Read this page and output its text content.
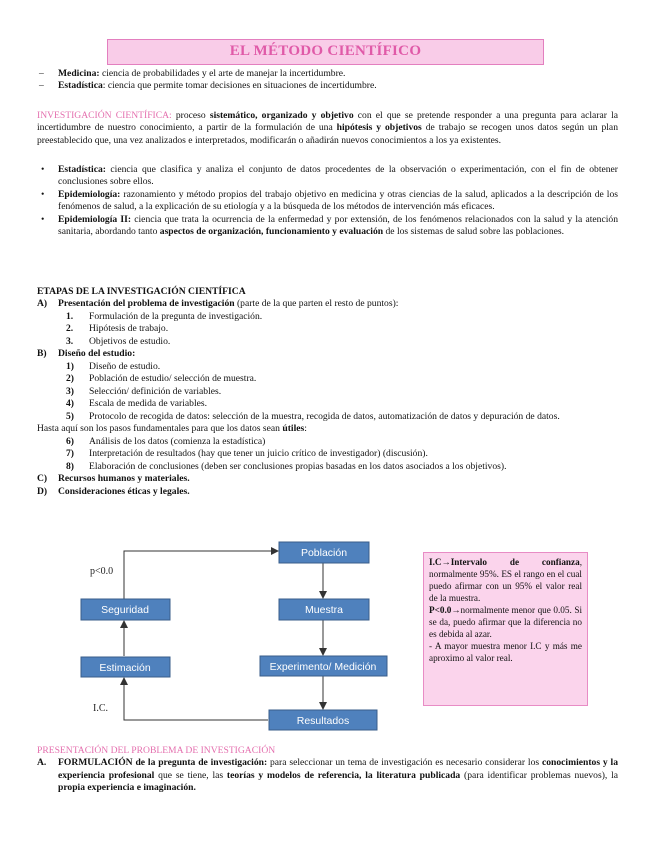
EL MÉTODO CIENTÍFICO
– Medicina: ciencia de probabilidades y el arte de manejar la incertidumbre.
– Estadística: ciencia que permite tomar decisiones en situaciones de incertidumbre.
INVESTIGACIÓN CIENTÍFICA: proceso sistemático, organizado y objetivo con el que se pretende responder a una pregunta para aclarar la incertidumbre de nuestro conocimiento, a partir de la formulación de una hipótesis y objetivos de trabajo se recogen unos datos según un plan preestablecido que, una vez analizados e interpretados, modificarán o añadirán nuevos conocimientos a los ya existentes.
• Estadística: ciencia que clasifica y analiza el conjunto de datos procedentes de la observación o experimentación, con el fin de obtener conclusiones sobre ellos.
• Epidemiología: razonamiento y método propios del trabajo objetivo en medicina y otras ciencias de la salud, aplicados a la descripción de los fenómenos de salud, a la explicación de su etiología y a la búsqueda de los métodos de intervención más eficaces.
• Epidemiología II: ciencia que trata la ocurrencia de la enfermedad y por extensión, de los fenómenos relacionados con la salud y la atención sanitaria, abordando tanto aspectos de organización, funcionamiento y evaluación de los sistemas de salud sobre las poblaciones.
ETAPAS DE LA INVESTIGACIÓN CIENTÍFICA
A) Presentación del problema de investigación (parte de la que parten el resto de puntos):
1. Formulación de la pregunta de investigación.
2. Hipótesis de trabajo.
3. Objetivos de estudio.
B) Diseño del estudio:
1) Diseño de estudio.
2) Población de estudio/ selección de muestra.
3) Selección/ definición de variables.
4) Escala de medida de variables.
5) Protocolo de recogida de datos: selección de la muestra, recogida de datos, automatización de datos y depuración de datos.
Hasta aquí son los pasos fundamentales para que los datos sean útiles:
6) Análisis de los datos (comienza la estadística)
7) Interpretación de resultados (hay que tener un juicio crítico de investigador) (discusión).
8) Elaboración de conclusiones (deben ser conclusiones propias basadas en los datos asociados a los objetivos).
C) Recursos humanos y materiales.
D) Consideraciones éticas y legales.
Población
Muestra
Experimento/ Medición
Resultados
Seguridad
Estimación
p<0.0
I.C.
I.C→Intervalo de confianza, normalmente 95%. ES el rango en el cual puedo afirmar con un 95% el valor real de la muestra.
P<0.0→normalmente menor que 0.05. Si se da, puedo afirmar que la diferencia no es debida al azar.
- A mayor muestra menor I.C y más me aproximo al valor real.
PRESENTACIÓN DEL PROBLEMA DE INVESTIGACIÓN
A. FORMULACIÓN de la pregunta de investigación: para seleccionar un tema de investigación es necesario considerar los conocimientos y la experiencia profesional que se tiene, las teorías y modelos de referencia, la literatura publicada (para identificar problemas nuevos), la propia experiencia e imaginación.
